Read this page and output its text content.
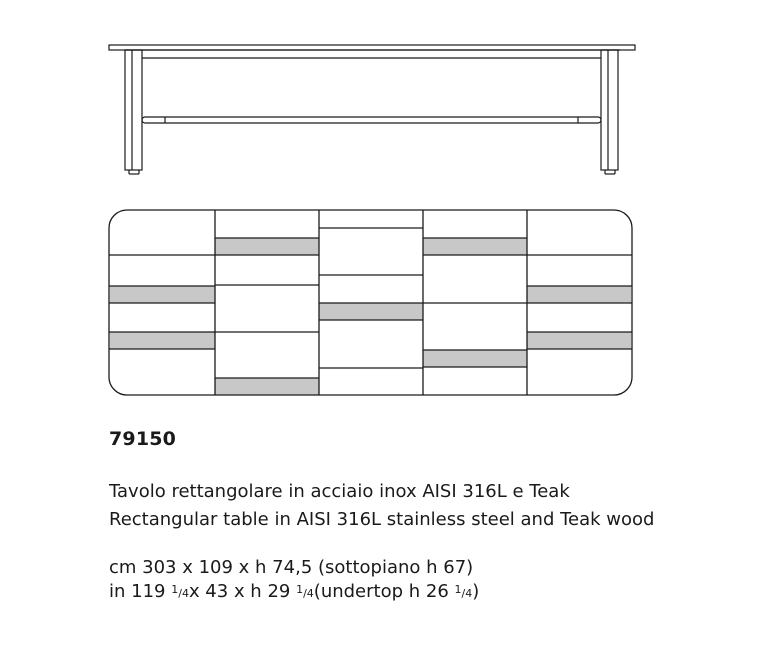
79150
Tavolo rettangolare in acciaio inox AISI 316L e Teak
Rectangular table in AISI 316L stainless steel and Teak wood
cm 303 x 109 x h 74,5 (sottopiano h 67)
in 119 1/4x 43 x h 29 1/4(undertop h 26 1/4)
